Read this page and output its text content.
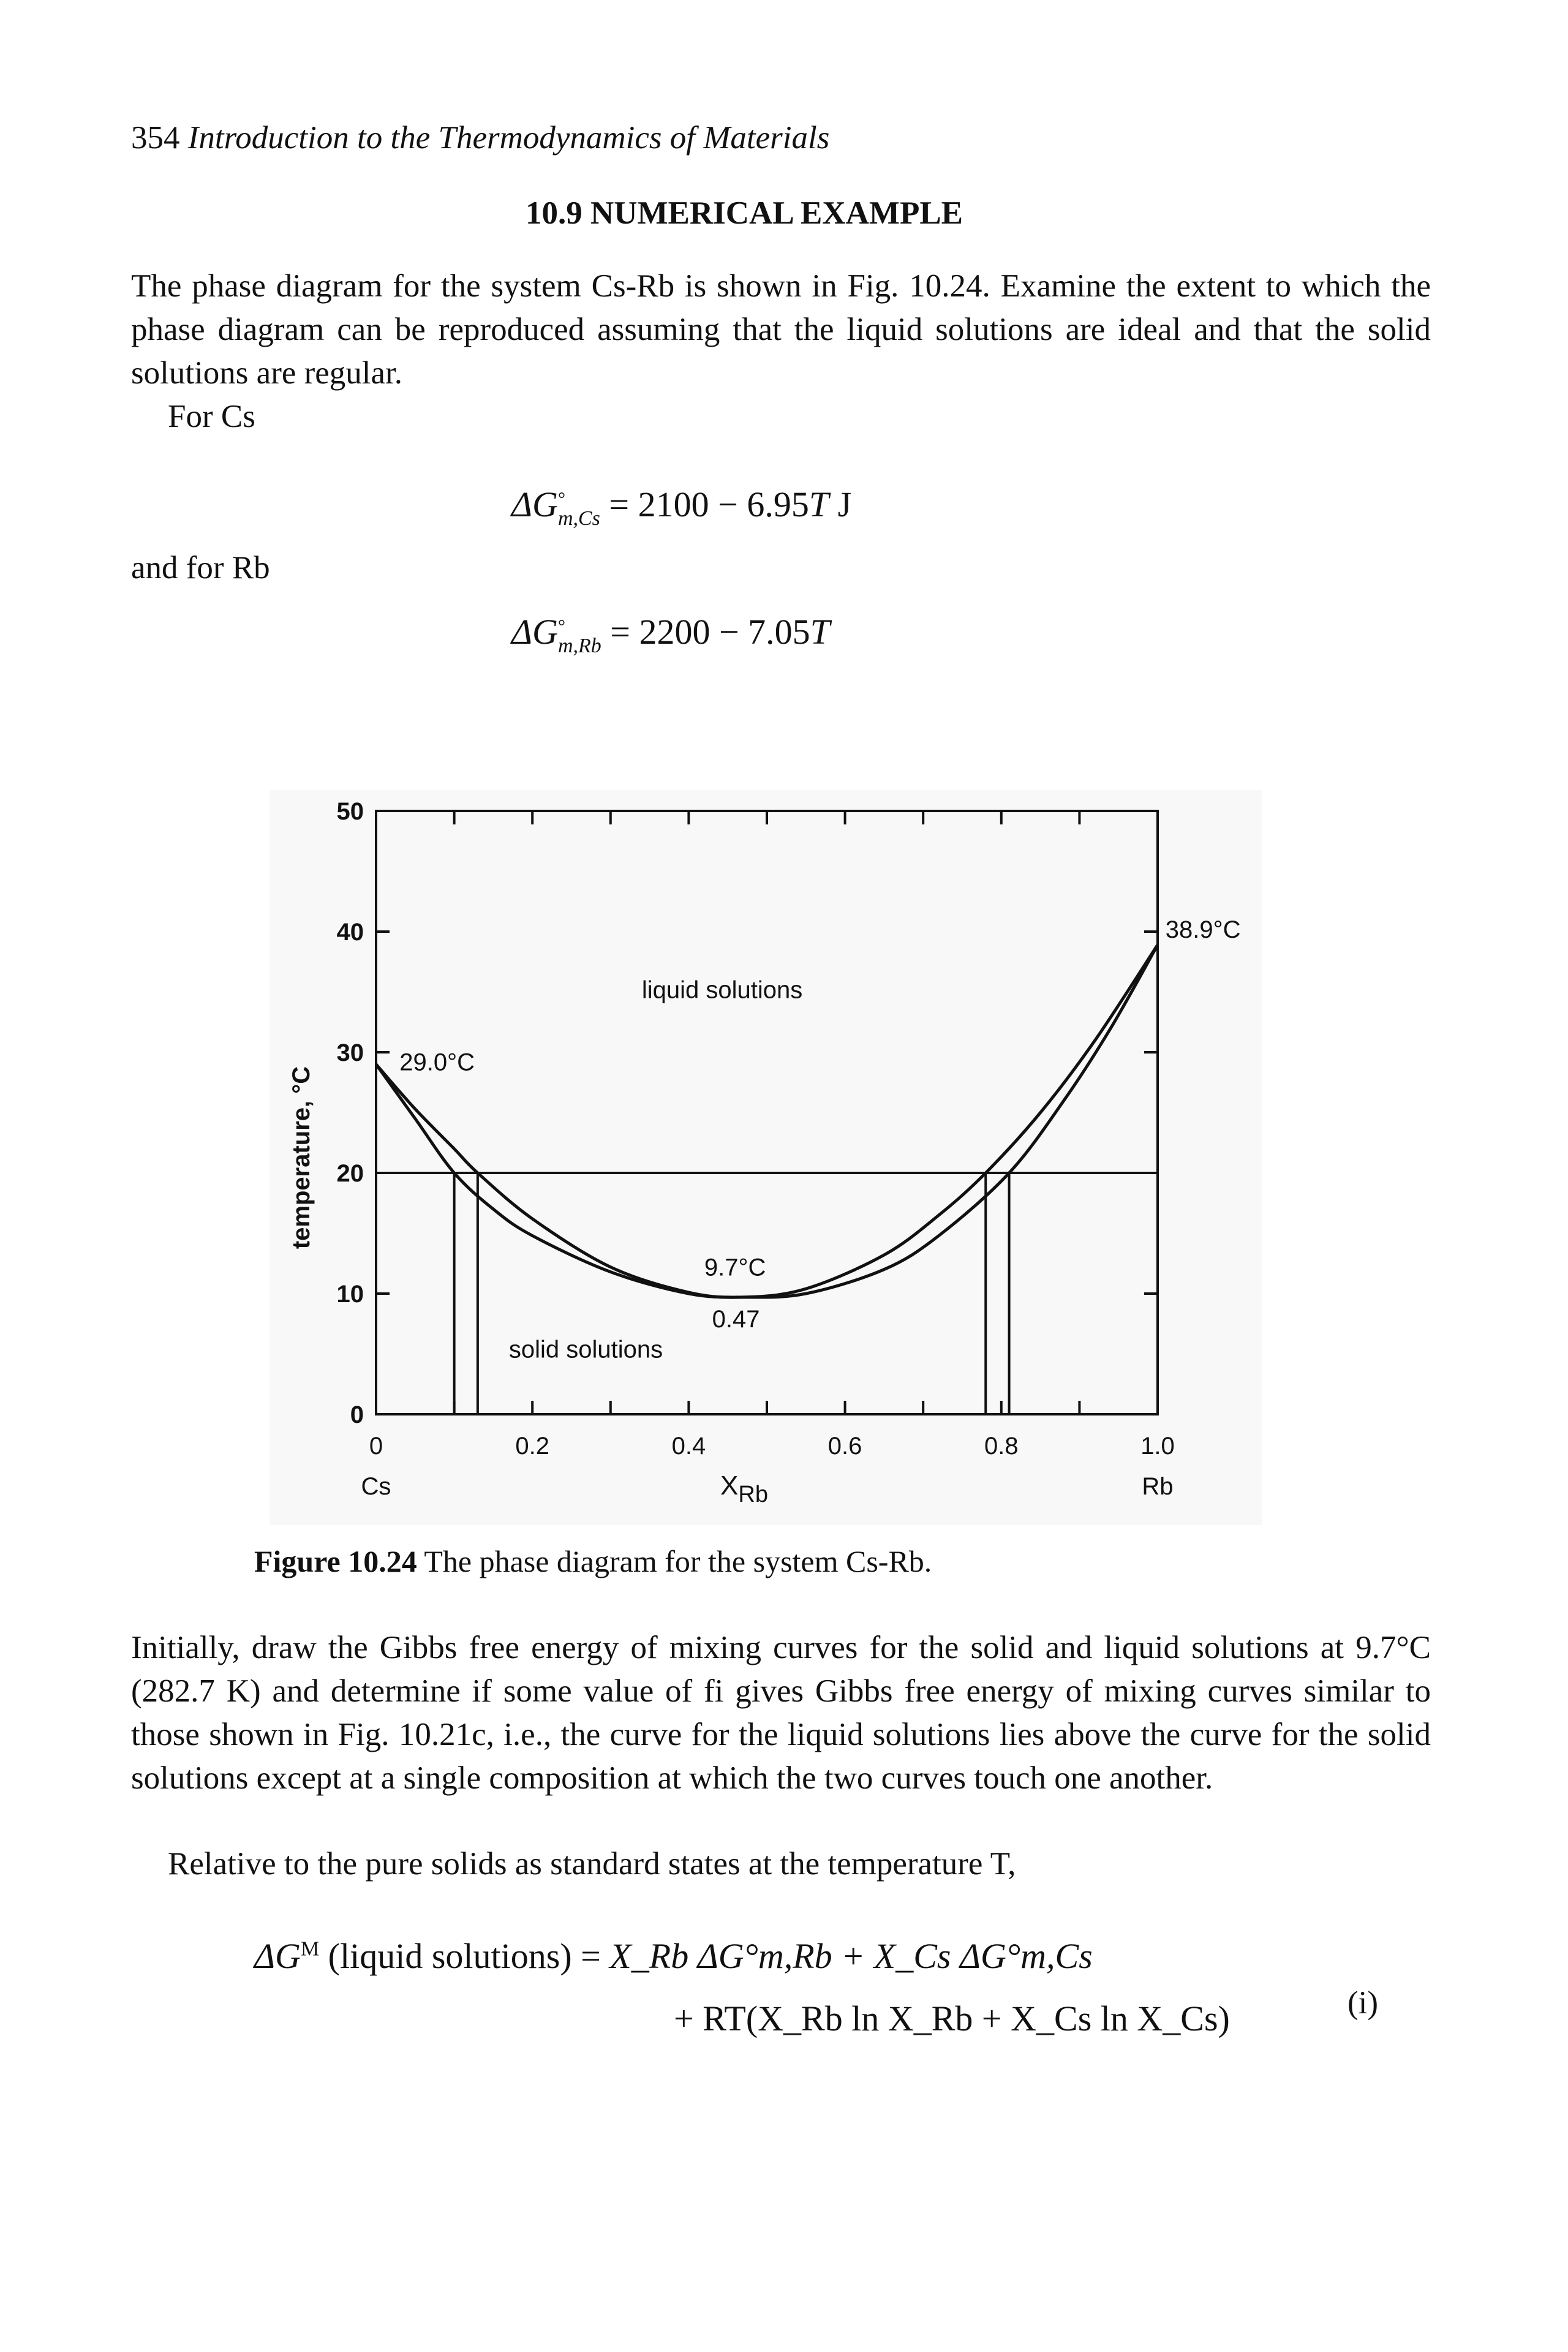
354 Introduction to the Thermodynamics of Materials
10.9 NUMERICAL EXAMPLE
The phase diagram for the system Cs-Rb is shown in Fig. 10.24. Examine the extent to which the phase diagram can be reproduced assuming that the liquid solutions are ideal and that the solid solutions are regular.
For Cs
ΔG °
m,Cs = 2100 − 6.95T J
and for Rb
ΔG °
m,Rb = 2200 − 7.05T
0
10
20
30
40
50
0	0.2	0.4	0.6	0.8	1.0
29.0°C
38.9°C
liquid solutions
9.7°C
0.47
solid solutions
temperature, °C
XRb
Cs	Rb
Figure 10.24 The phase diagram for the system Cs-Rb.
Initially, draw the Gibbs free energy of mixing curves for the solid and liquid solutions at 9.7°C (282.7 K) and determine if some value of fi gives Gibbs free energy of mixing curves similar to those shown in Fig. 10.21c, i.e., the curve for the liquid solutions lies above the curve for the solid solutions except at a single composition at which the two curves touch one another.
Relative to the pure solids as standard states at the temperature T,
$\Delta G^M$ (liquid solutions) = X_Rb ΔG°m,Rb + X_Cs ΔG°m,Cs
+ RT(X_Rb ln X_Rb + X_Cs ln X_Cs)	(i)
